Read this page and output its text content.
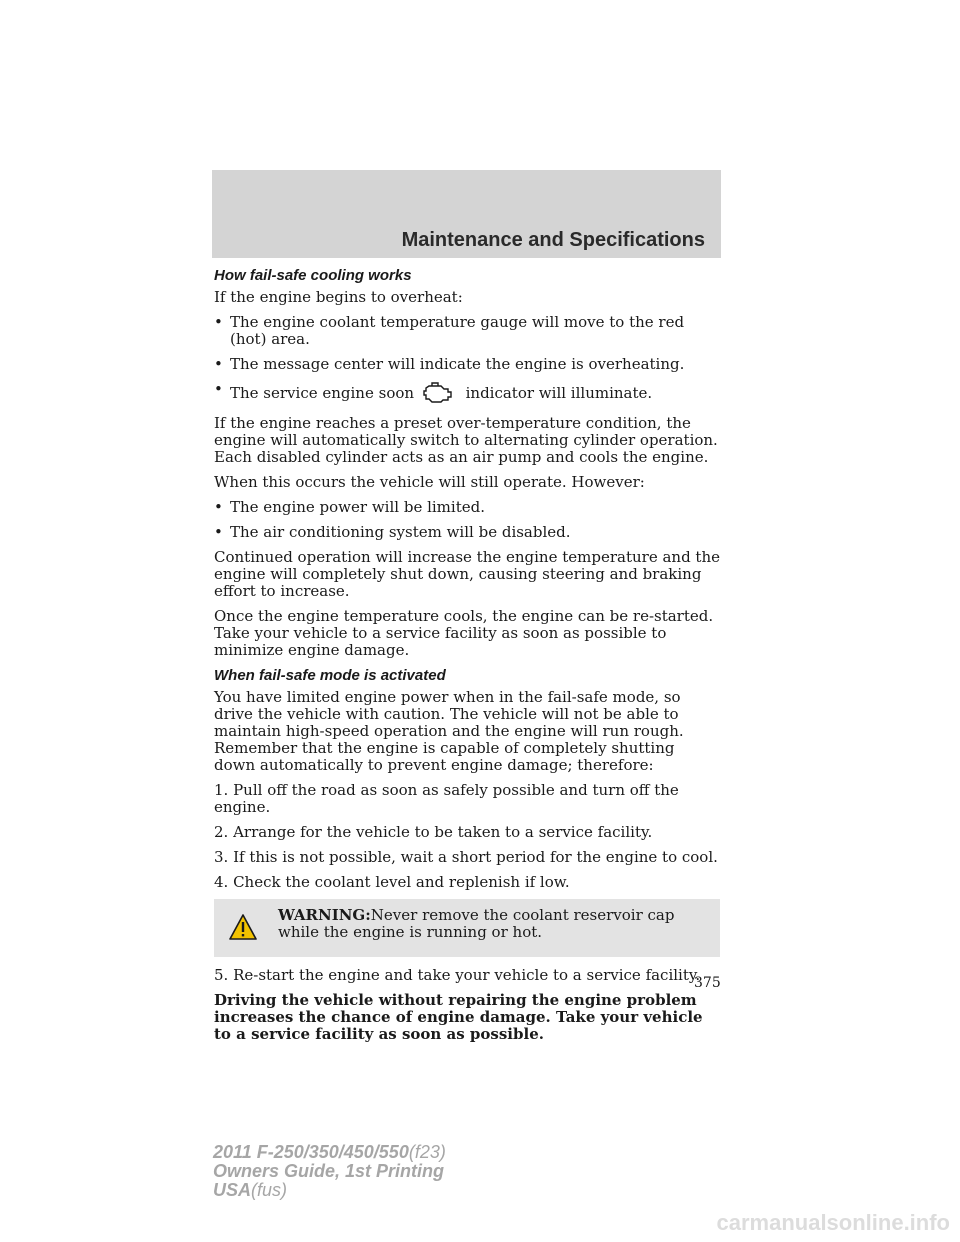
Maintenance and Specifications
How fail-safe cooling works

If the engine begins to overheat:

• The engine coolant temperature gauge will move to the red (hot) area.
• The message center will indicate the engine is overheating.
• The service engine soon	indicator will illuminate.

If the engine reaches a preset over-temperature condition, the engine will automatically switch to alternating cylinder operation. Each disabled cylinder acts as an air pump and cools the engine.

When this occurs the vehicle will still operate. However:

• The engine power will be limited.
• The air conditioning system will be disabled.

Continued operation will increase the engine temperature and the engine will completely shut down, causing steering and braking effort to increase.

Once the engine temperature cools, the engine can be re-started. Take your vehicle to a service facility as soon as possible to minimize engine damage.

When fail-safe mode is activated

You have limited engine power when in the fail-safe mode, so drive the vehicle with caution. The vehicle will not be able to maintain high-speed operation and the engine will run rough. Remember that the engine is capable of completely shutting down automatically to prevent engine damage; therefore:

1. Pull off the road as soon as safely possible and turn off the engine.
2. Arrange for the vehicle to be taken to a service facility.
3. If this is not possible, wait a short period for the engine to cool.
4. Check the coolant level and replenish if low.
WARNING:Never remove the coolant reservoir cap while the engine is running or hot.
5. Re-start the engine and take your vehicle to a service facility.

Driving the vehicle without repairing the engine problem increases the chance of engine damage. Take your vehicle to a service facility as soon as possible.

375
2011 F-250/350/450/550(f23)
Owners Guide, 1st Printing
USA(fus)
carmanualsonline.info
